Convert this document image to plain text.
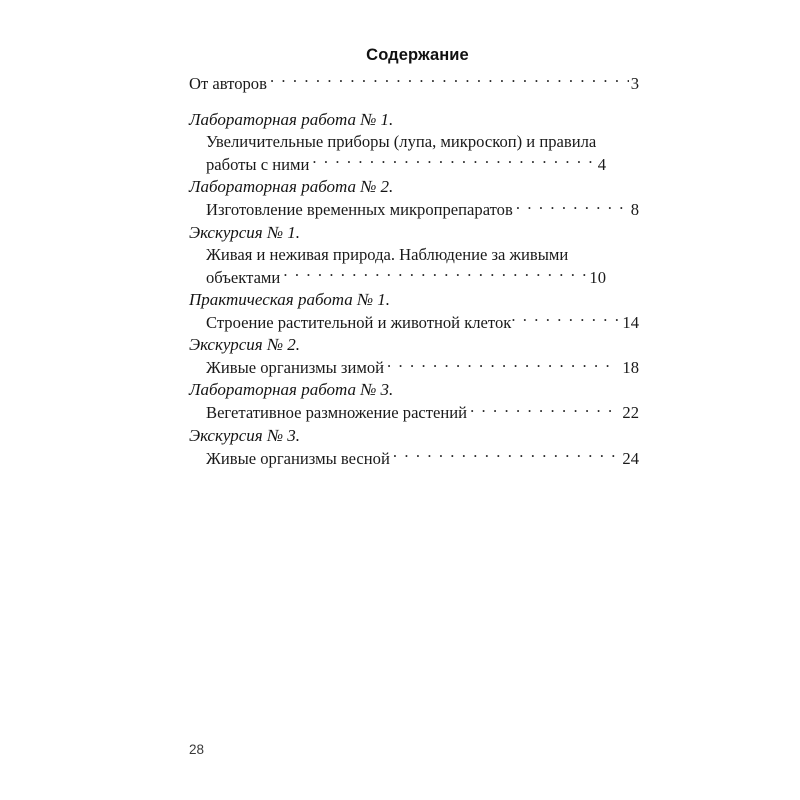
Содержание
От авторов . . .	3
Лабораторная работа № 1.
Увеличительные приборы (лупа, микроскоп) и правила
работы с ними . . .	4
Лабораторная работа № 2.
Изготовление временных микропрепаратов . . .	8
Экскурсия № 1.
Живая и неживая природа. Наблюдение за живыми
объектами . . .	10
Практическая работа № 1.
Строение растительной и животной клеток . . .	14
Экскурсия № 2.
Живые организмы зимой . . .	18
Лабораторная работа № 3.
Вегетативное размножение растений . . .	22
Экскурсия № 3.
Живые организмы весной . . .	24
28
